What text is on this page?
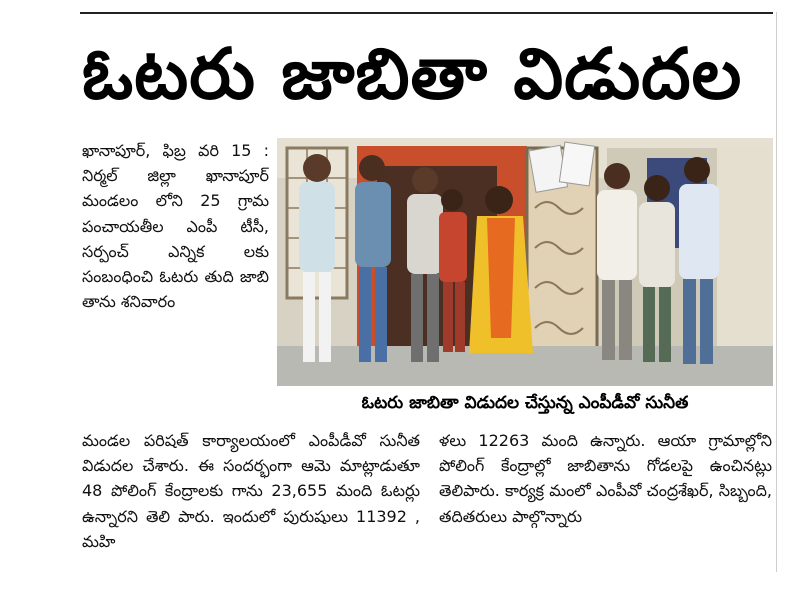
ఓటరు జాబితా విడుదల
ఖానాపూర్, ఫిబ్ర వరి 15 : నిర్మల్ జిల్లా ఖానాపూర్ మండలం లోని 25 గ్రామ పంచాయతీల ఎంపీ టీసీ, సర్పంచ్ ఎన్నిక లకు సంబంధించి ఓటరు తుది జాబి తాను శనివారం
ఓటరు జాబితా విడుదల చేస్తున్న ఎంపీడీవో సునీత
మండల పరిషత్ కార్యాలయంలో ఎంపీడీవో సునీత విడుదల చేశారు. ఈ సందర్భంగా ఆమె మాట్లాడుతూ 48 పోలింగ్ కేంద్రాలకు గాను 23,655 మంది ఓటర్లు ఉన్నారని తెలి పారు. ఇందులో పురుషులు 11392 , మహి
ళలు 12263 మంది ఉన్నారు. ఆయా గ్రామాల్లోని పోలింగ్ కేంద్రాల్లో జాబితాను గోడలపై ఉంచినట్లు తెలిపారు. కార్యక్ర మంలో ఎంపీవో చంద్రశేఖర్, సిబ్బంది, తదితరులు పాల్గొన్నారు
